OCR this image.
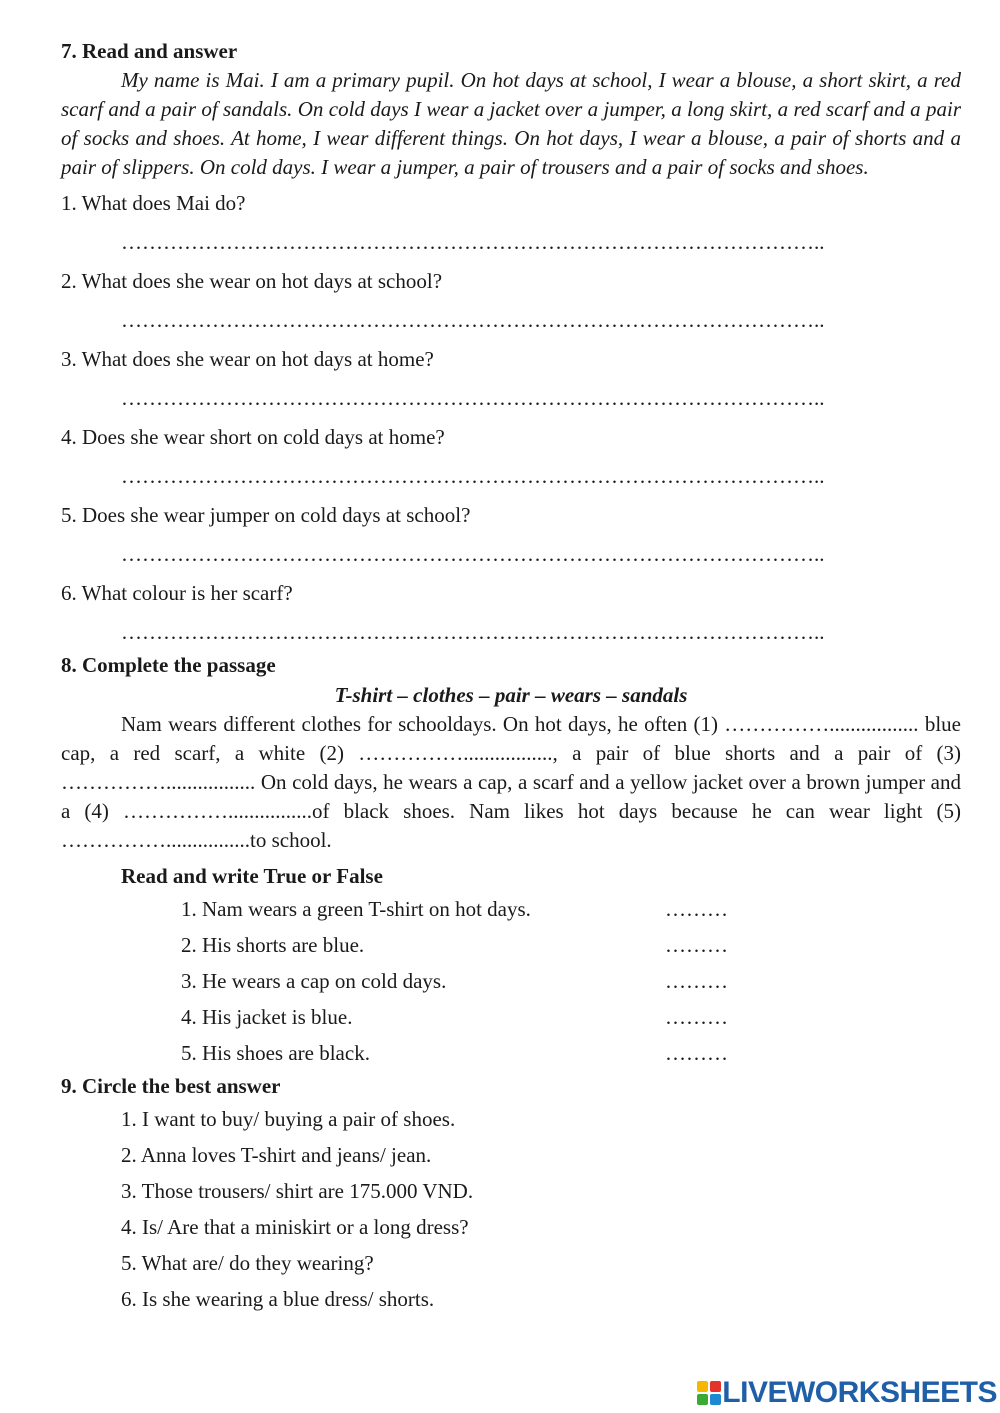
7. Read and answer

My name is Mai. I am a primary pupil. On hot days at school, I wear a blouse, a short skirt, a red scarf and a pair of sandals. On cold days I wear a jacket over a jumper, a long skirt, a red scarf and a pair of socks and shoes. At home, I wear different things. On hot days, I wear a blouse, a pair of shorts and a pair of slippers. On cold days. I wear a jumper, a pair of trousers and a pair of socks and shoes.

1. What does Mai do?
………………………………………………………………………………………..
2. What does she wear on hot days at school?
………………………………………………………………………………………..
3. What does she wear on hot days at home?
………………………………………………………………………………………..
4. Does she wear short on cold days at home?
………………………………………………………………………………………..
5. Does she wear jumper on cold days at school?
………………………………………………………………………………………..
6. What colour is her scarf?
………………………………………………………………………………………..

8. Complete the passage

T-shirt – clothes – pair – wears – sandals

Nam wears different clothes for schooldays. On hot days, he often (1) ……………................. blue cap, a red scarf, a white (2) ……………................., a pair of blue shorts and a pair of (3) ……………................. On cold days, he wears a cap, a scarf and a yellow jacket over a brown jumper and a (4) ……………................of black shoes. Nam likes hot days because he can wear light (5) ……………................to school.

Read and write True or False

1. Nam wears a green T-shirt on hot days.	………
2. His shorts are blue.	………
3. He wears a cap on cold days.	………
4. His jacket is blue.	………
5. His shoes are black.	………

9. Circle the best answer

1. I want to buy/ buying a pair of shoes.
2. Anna loves T-shirt and jeans/ jean.
3. Those trousers/ shirt are 175.000 VND.
4. Is/ Are that a miniskirt or a long dress?
5. What are/ do they wearing?
6. Is she wearing a blue dress/ shorts.
LIVEWORKSHEETS
